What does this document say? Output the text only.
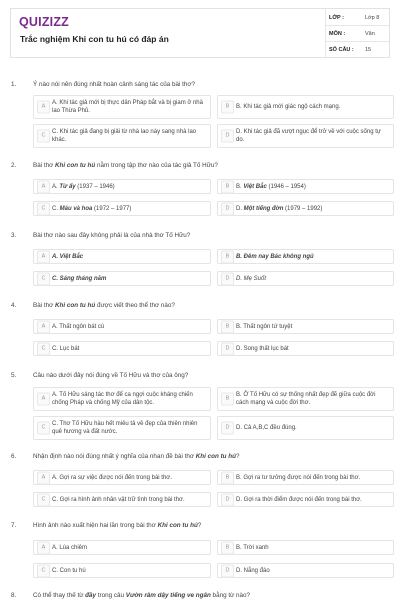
QUIZIZZ
Trắc nghiệm Khi con tu hú có đáp án
LỚP :	Lớp 8
MÔN :	Văn
SỐ CÂU : 15
1.	Ý nào nói nên đúng nhất hoàn cảnh sáng tác của bài thơ?
A
A. Khi tác giả mới bị thực dân Pháp bắt và bị giam ở nhà lao Thừa Phủ.
B	B. Khi tác giả mới giác ngộ cách mạng.
C
C. Khi tác giả đang bị giải từ nhà lao này sang nhà lao khác.
D
D. Khi tác giả đã vượt ngục để trở về với cuộc sống tự do.
2.	Bài thơ Khi con tu hú nằm trong tập thơ nào của tác giả Tố Hữu?
A	A. Từ ấy (1937 – 1946)	B	B. Việt Bắc (1946 – 1954)
C	C. Máu và hoa (1972 – 1977)	D	D. Một tiếng đờn (1979 – 1992)
3.	Bài thơ nào sau đây không phải là của nhà thơ Tố Hữu?
A	A. Việt Bắc	B	B. Đêm nay Bác không ngủ
C	C. Sáng tháng năm	D	D. Mẹ Suốt
4.	Bài thơ Khi con tu hú được viết theo thể thơ nào?
A	A. Thất ngôn bát cú	B	B. Thất ngôn tứ tuyệt
C	C. Lục bát	D	D. Song thất lục bát
5.	Câu nào dưới đây nói đúng về Tố Hữu và thơ của ông?
A
A. Tố Hữu sáng tác thơ để ca ngợi cuộc kháng chiến chống Pháp và chống Mỹ của dân tộc.
B
B. Ở Tố Hữu có sự thống nhất đẹp đẽ giữa cuộc đời cách mạng và cuộc đời thơ.
C
C. Thơ Tố Hữu hàu hết miêu tả về đẹp của thiên nhiên quê hương và đất nước.
D	D. Cả A,B,C đều đúng.
6.	Nhận định nào nói đúng nhất ý nghĩa của nhan đề bài thơ Khi con tu hú?
A	A. Gợi ra sự việc được nói đến trong bài thơ.	B	B. Gợi ra tư tưởng được nói đến trong bài thơ.
C	C. Gợi ra hình ảnh nhân vật trữ tình trong bài thơ.	D	D. Gợi ra thời điểm được nói đến trong bài thơ.
7.	Hình ảnh nào xuất hiện hai lần trong bài thơ Khi con tu hú?
A	A. Lúa chiêm	B	B. Trời xanh
C	C. Con tu hú	D	D. Nắng đào
8.	Có thể thay thế từ đầy trong câu Vườn râm dậy tiếng ve ngân bằng từ nào?
